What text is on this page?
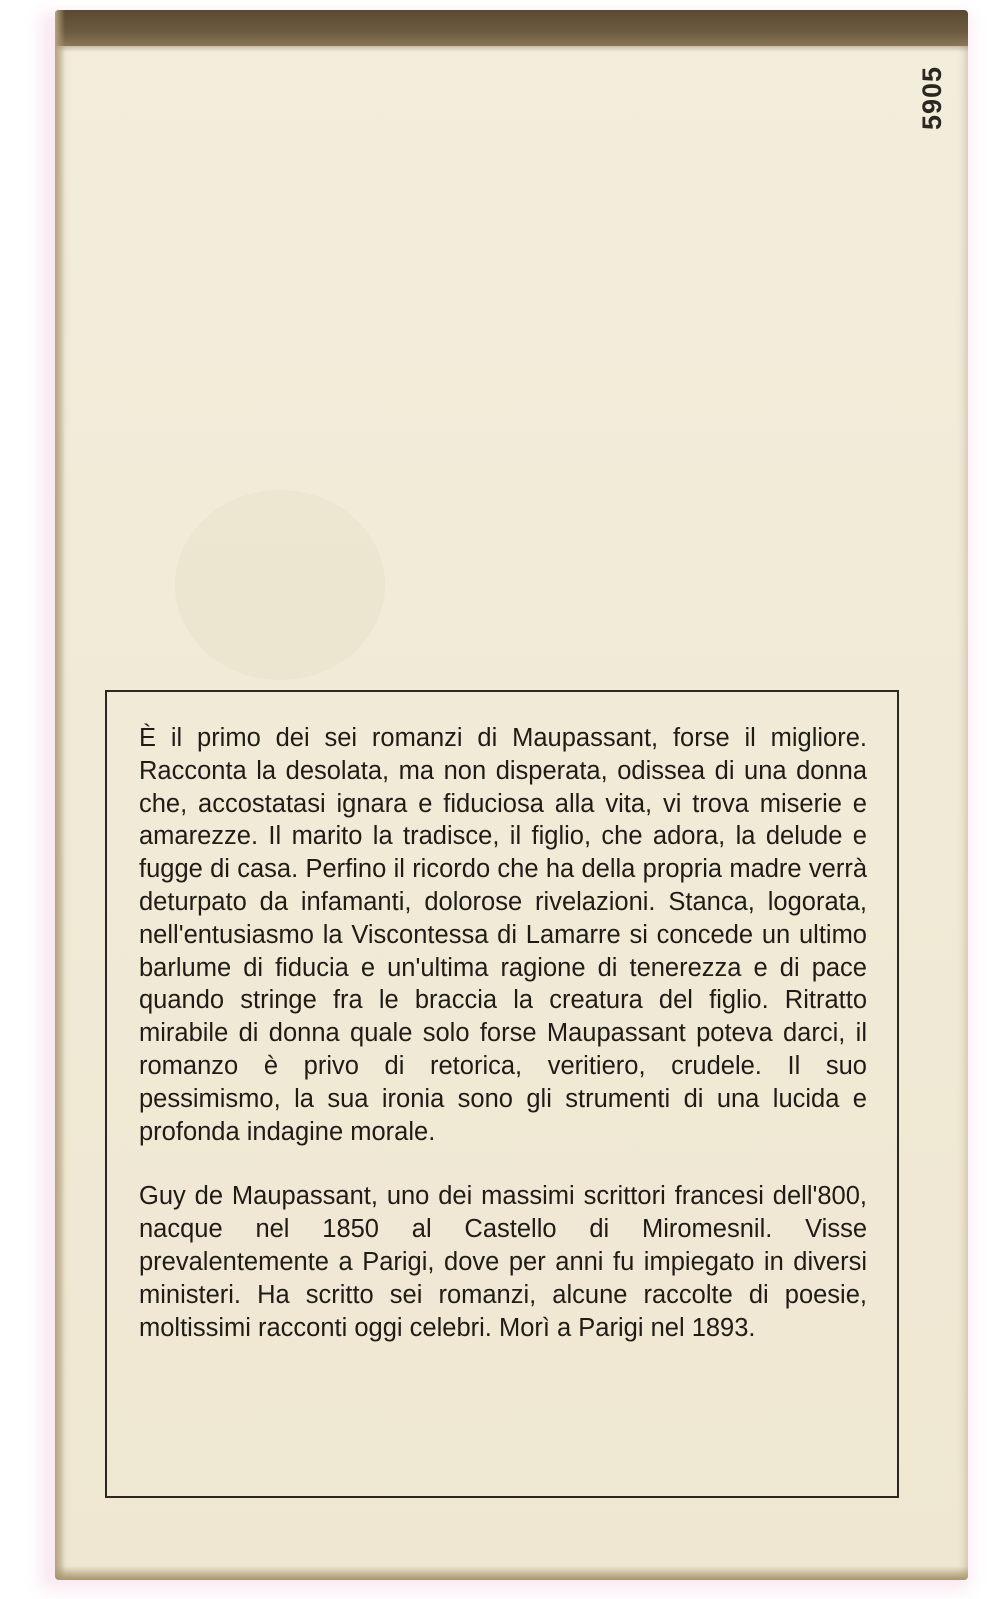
5905

È il primo dei sei romanzi di Maupassant, forse il migliore. Racconta la desolata, ma non disperata, odissea di una donna che, accostatasi ignara e fiduciosa alla vita, vi trova miserie e amarezze. Il marito la tradisce, il figlio, che adora, la delude e fugge di casa. Perfino il ricordo che ha della propria madre verrà deturpato da infamanti, dolorose rivelazioni. Stanca, logorata, nell'entusiasmo la Viscontessa di Lamarre si concede un ultimo barlume di fiducia e un'ultima ragione di tenerezza e di pace quando stringe fra le braccia la creatura del figlio. Ritratto mirabile di donna quale solo forse Maupassant poteva darci, il romanzo è privo di retorica, veritiero, crudele. Il suo pessimismo, la sua ironia sono gli strumenti di una lucida e profonda indagine morale.

Guy de Maupassant, uno dei massimi scrittori francesi dell'800, nacque nel 1850 al Castello di Miromesnil. Visse prevalentemente a Parigi, dove per anni fu impiegato in diversi ministeri. Ha scritto sei romanzi, alcune raccolte di poesie, moltissimi racconti oggi celebri. Morì a Parigi nel 1893.
